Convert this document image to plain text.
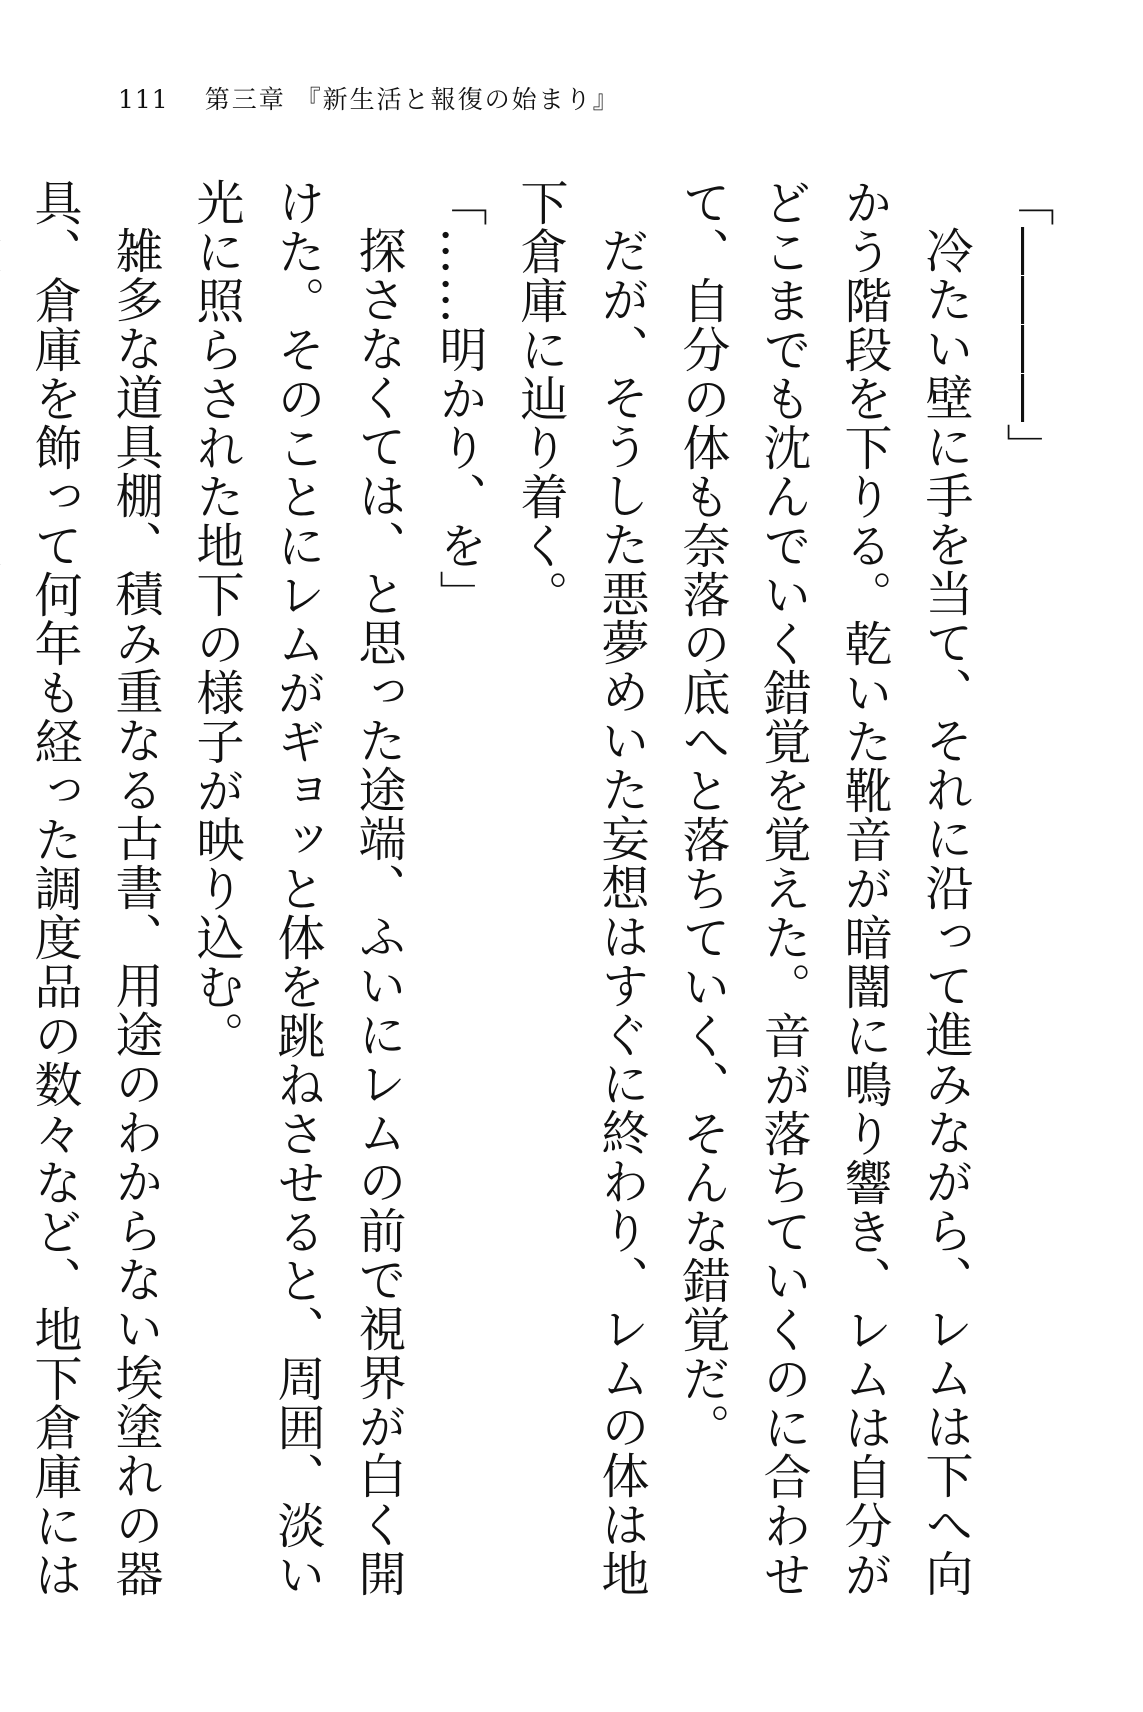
111 第三章 『新生活と報復の始まり』

「――――」

冷たい壁に手を当て、それに沿って進みながら、レムは下へ向かう階段を下りる。乾いた靴音が暗闇に鳴り響き、レムは自分がどこまでも沈んでいく錯覚を覚えた。音が落ちていくのに合わせて、自分の体も奈落の底へと落ちていく、そんな錯覚だ。

だが、そうした悪夢めいた妄想はすぐに終わり、レムの体は地下倉庫に辿り着く。

「……明かり、を」

探さなくては、と思った途端、ふいにレムの前で視界が白く開けた。そのことにレムがギョッと体を跳ねさせると、周囲、淡い光に照らされた地下の様子が映り込む。

雑多な道具棚、積み重なる古書、用途のわからない埃塗れの器具、倉庫を飾って何年も経った調度品の数々など、地下倉庫には
